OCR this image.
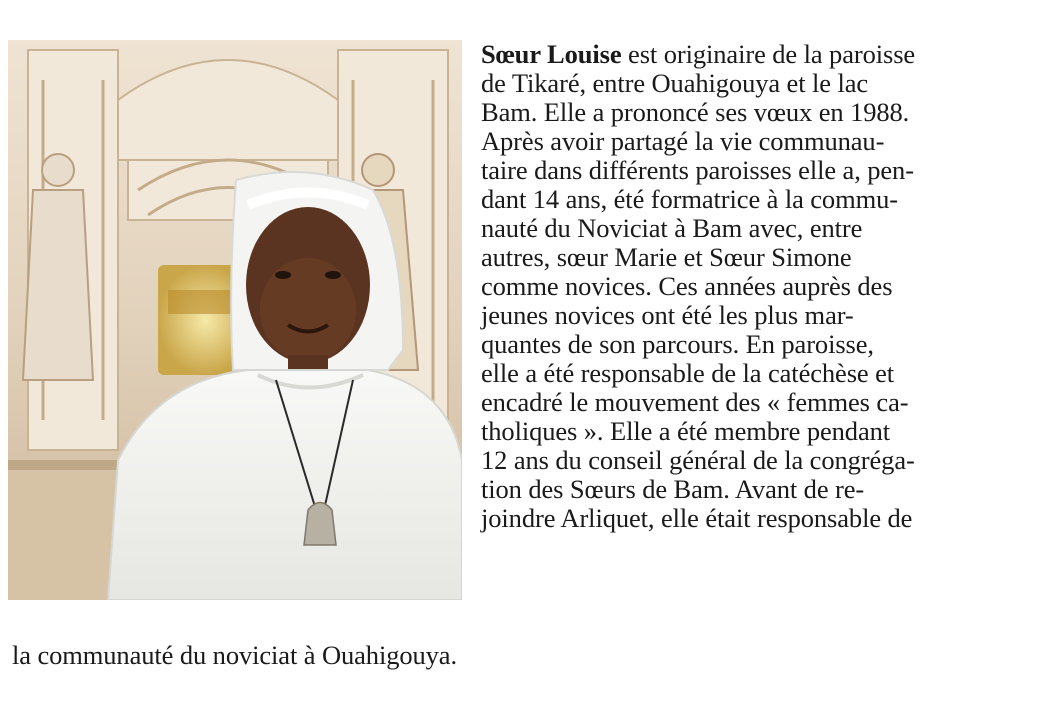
Sœur Louise est originaire de la paroisse
de Tikaré, entre Ouahigouya et le lac
Bam. Elle a prononcé ses vœux en 1988.
Après avoir partagé la vie communau-
taire dans différents paroisses elle a, pen-
dant 14 ans, été formatrice à la commu-
nauté du Noviciat à Bam avec, entre
autres, sœur Marie et Sœur Simone
comme novices. Ces années auprès des
jeunes novices ont été les plus mar-
quantes de son parcours. En paroisse,
elle a été responsable de la catéchèse et
encadré le mouvement des « femmes ca-
tholiques ». Elle a été membre pendant
12 ans du conseil général de la congréga-
tion des Sœurs de Bam. Avant de re-
joindre Arliquet, elle était responsable de
la communauté du noviciat à Ouahigouya.
